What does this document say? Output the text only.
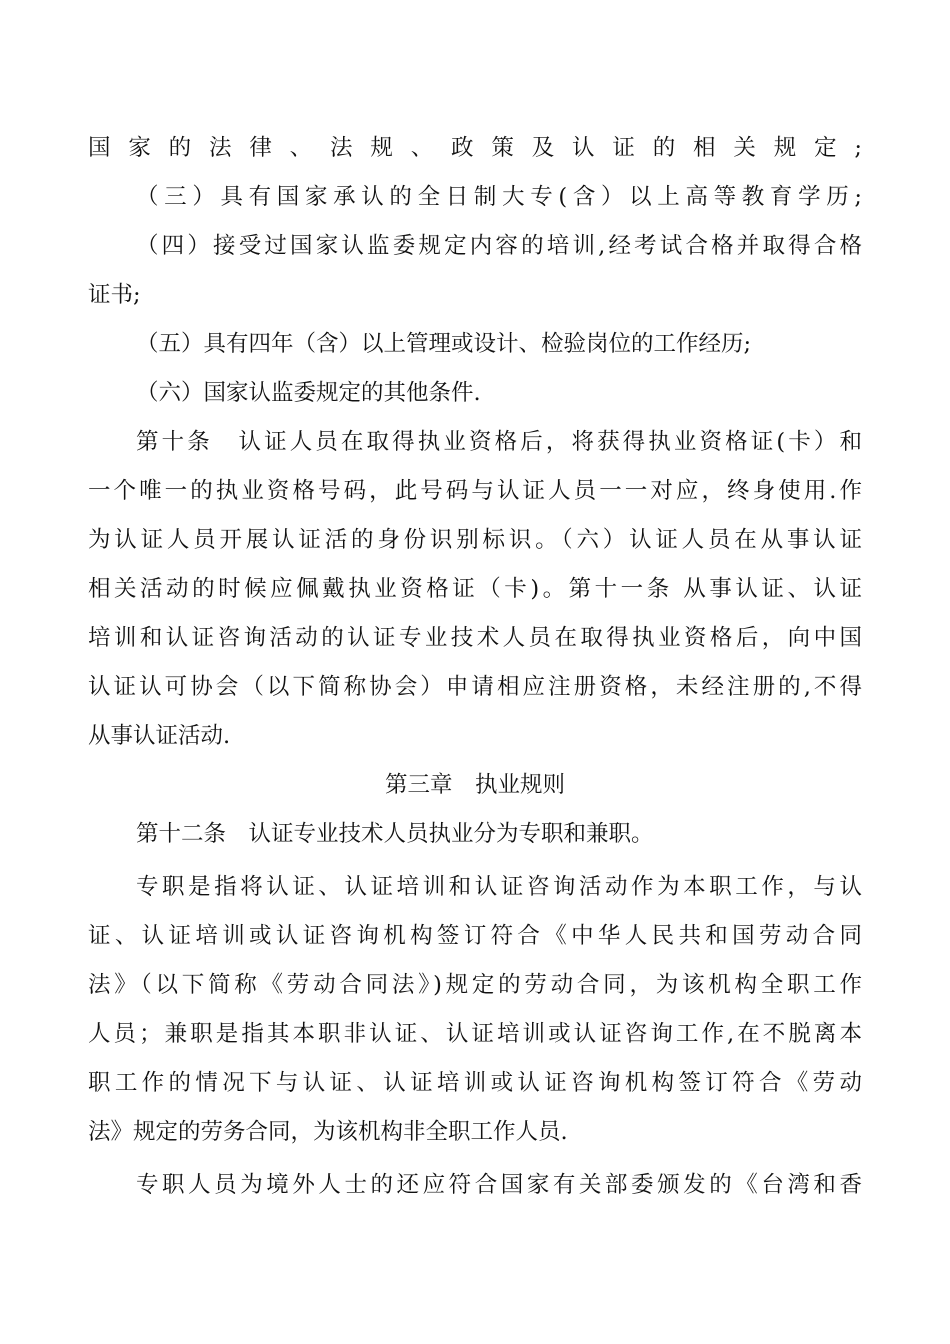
国家的法律、法规、政策及认证的相关规定;
（三）具有国家承认的全日制大专(含）以上高等教育学历;
（四）接受过国家认监委规定内容的培训,经考试合格并取得合格
证书;
（五）具有四年（含）以上管理或设计、检验岗位的工作经历;
（六）国家认监委规定的其他条件.
第十条　认证人员在取得执业资格后，将获得执业资格证(卡）和
一个唯一的执业资格号码，此号码与认证人员一一对应，终身使用.作
为认证人员开展认证活的身份识别标识。（六）认证人员在从事认证
相关活动的时候应佩戴执业资格证（卡)。第十一条 从事认证、认证
培训和认证咨询活动的认证专业技术人员在取得执业资格后，向中国
认证认可协会（以下简称协会）申请相应注册资格，未经注册的,不得
从事认证活动.
第三章　执业规则
第十二条　认证专业技术人员执业分为专职和兼职。
专职是指将认证、认证培训和认证咨询活动作为本职工作，与认
证、认证培训或认证咨询机构签订符合《中华人民共和国劳动合同
法》（以下简称《劳动合同法》)规定的劳动合同，为该机构全职工作
人员；兼职是指其本职非认证、认证培训或认证咨询工作,在不脱离本
职工作的情况下与认证、认证培训或认证咨询机构签订符合《劳动
法》规定的劳务合同，为该机构非全职工作人员.
专职人员为境外人士的还应符合国家有关部委颁发的《台湾和香
